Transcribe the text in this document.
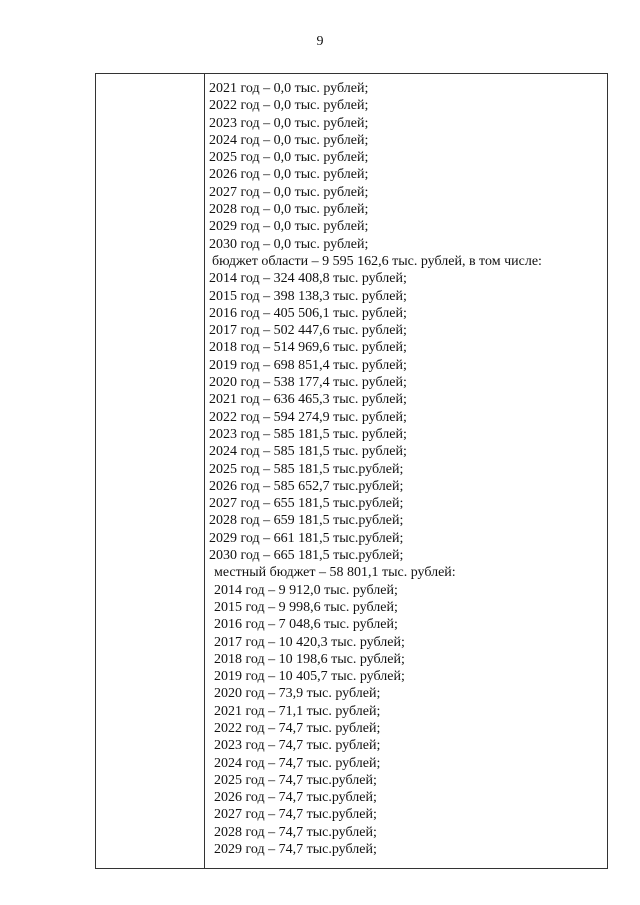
9
2021 год – 0,0 тыс. рублей;
2022 год – 0,0 тыс. рублей;
2023 год – 0,0 тыс. рублей;
2024 год – 0,0 тыс. рублей;
2025 год – 0,0 тыс. рублей;
2026 год – 0,0 тыс. рублей;
2027 год – 0,0 тыс. рублей;
2028 год – 0,0 тыс. рублей;
2029 год – 0,0 тыс. рублей;
2030 год – 0,0 тыс. рублей;
бюджет области – 9 595 162,6 тыс. рублей, в том числе:
2014 год – 324 408,8 тыс. рублей;
2015 год – 398 138,3 тыс. рублей;
2016 год – 405 506,1 тыс. рублей;
2017 год – 502 447,6 тыс. рублей;
2018 год – 514 969,6 тыс. рублей;
2019 год – 698 851,4 тыс. рублей;
2020 год – 538 177,4 тыс. рублей;
2021 год – 636 465,3 тыс. рублей;
2022 год – 594 274,9 тыс. рублей;
2023 год – 585 181,5 тыс. рублей;
2024 год – 585 181,5 тыс. рублей;
2025 год – 585 181,5 тыс.рублей;
2026 год – 585 652,7 тыс.рублей;
2027 год – 655 181,5 тыс.рублей;
2028 год – 659 181,5 тыс.рублей;
2029 год – 661 181,5 тыс.рублей;
2030 год – 665 181,5 тыс.рублей;
местный бюджет – 58 801,1 тыс. рублей:
2014 год – 9 912,0 тыс. рублей;
2015 год – 9 998,6 тыс. рублей;
2016 год – 7 048,6 тыс. рублей;
2017 год – 10 420,3 тыс. рублей;
2018 год – 10 198,6 тыс. рублей;
2019 год – 10 405,7 тыс. рублей;
2020 год – 73,9 тыс. рублей;
2021 год – 71,1 тыс. рублей;
2022 год – 74,7 тыс. рублей;
2023 год – 74,7 тыс. рублей;
2024 год – 74,7 тыс. рублей;
2025 год – 74,7 тыс.рублей;
2026 год – 74,7 тыс.рублей;
2027 год – 74,7 тыс.рублей;
2028 год – 74,7 тыс.рублей;
2029 год – 74,7 тыс.рублей;
